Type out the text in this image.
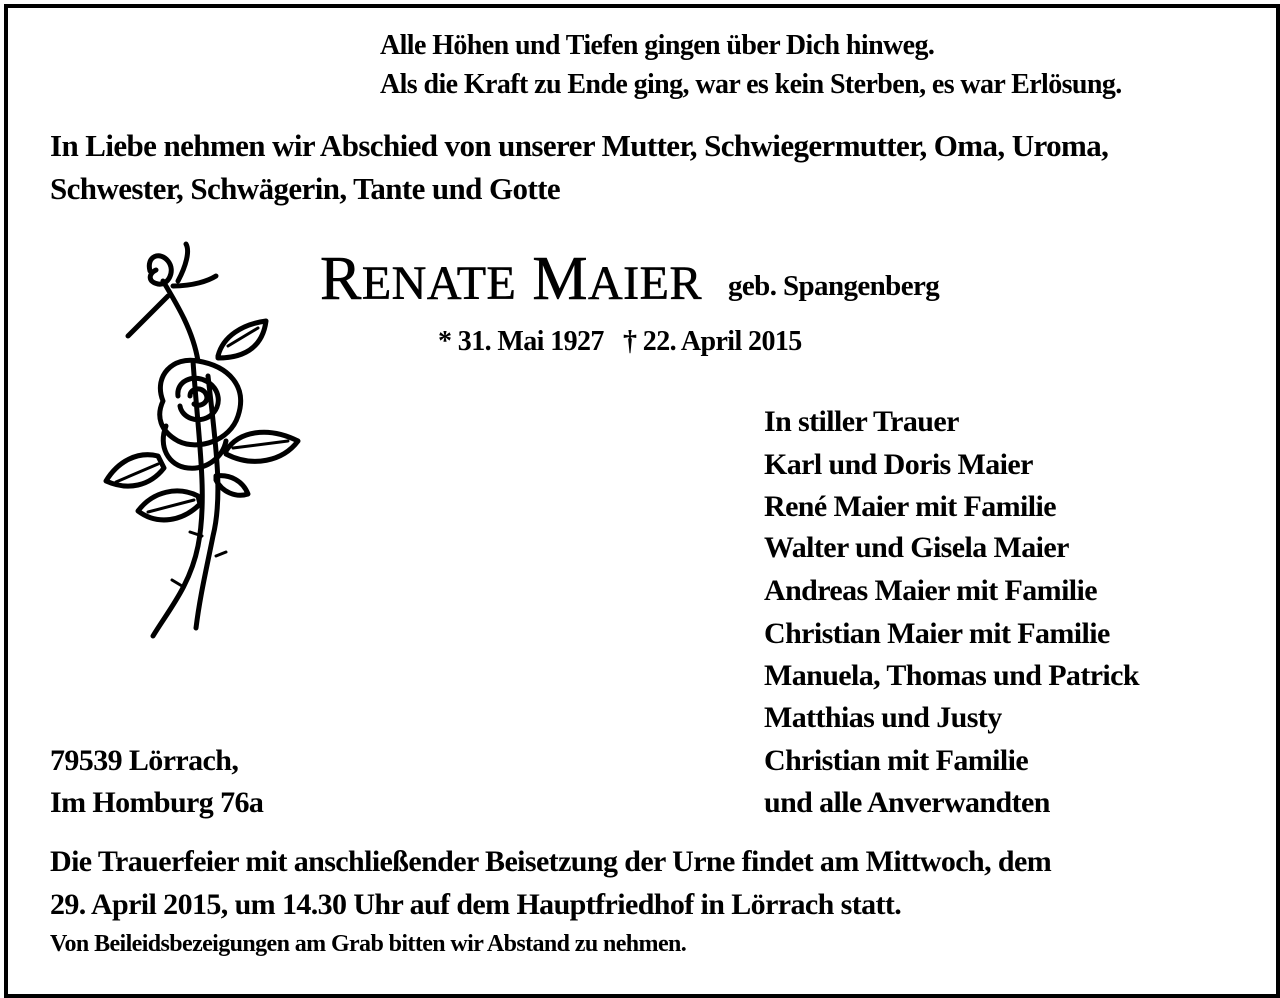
Alle Höhen und Tiefen gingen über Dich hinweg.
Als die Kraft zu Ende ging, war es kein Sterben, es war Erlösung.
In Liebe nehmen wir Abschied von unserer Mutter, Schwiegermutter, Oma, Uroma,
Schwester, Schwägerin, Tante und Gotte
RENATE MAIER geb. Spangenberg
* 31. Mai 1927   † 22. April 2015
In stiller Trauer
Karl und Doris Maier
René Maier mit Familie
Walter und Gisela Maier
Andreas Maier mit Familie
Christian Maier mit Familie
Manuela, Thomas und Patrick
Matthias und Justy
Christian mit Familie
und alle Anverwandten
79539 Lörrach,
Im Homburg 76a
Die Trauerfeier mit anschließender Beisetzung der Urne findet am Mittwoch, dem
29. April 2015, um 14.30 Uhr auf dem Hauptfriedhof in Lörrach statt.
Von Beileidsbezeigungen am Grab bitten wir Abstand zu nehmen.
